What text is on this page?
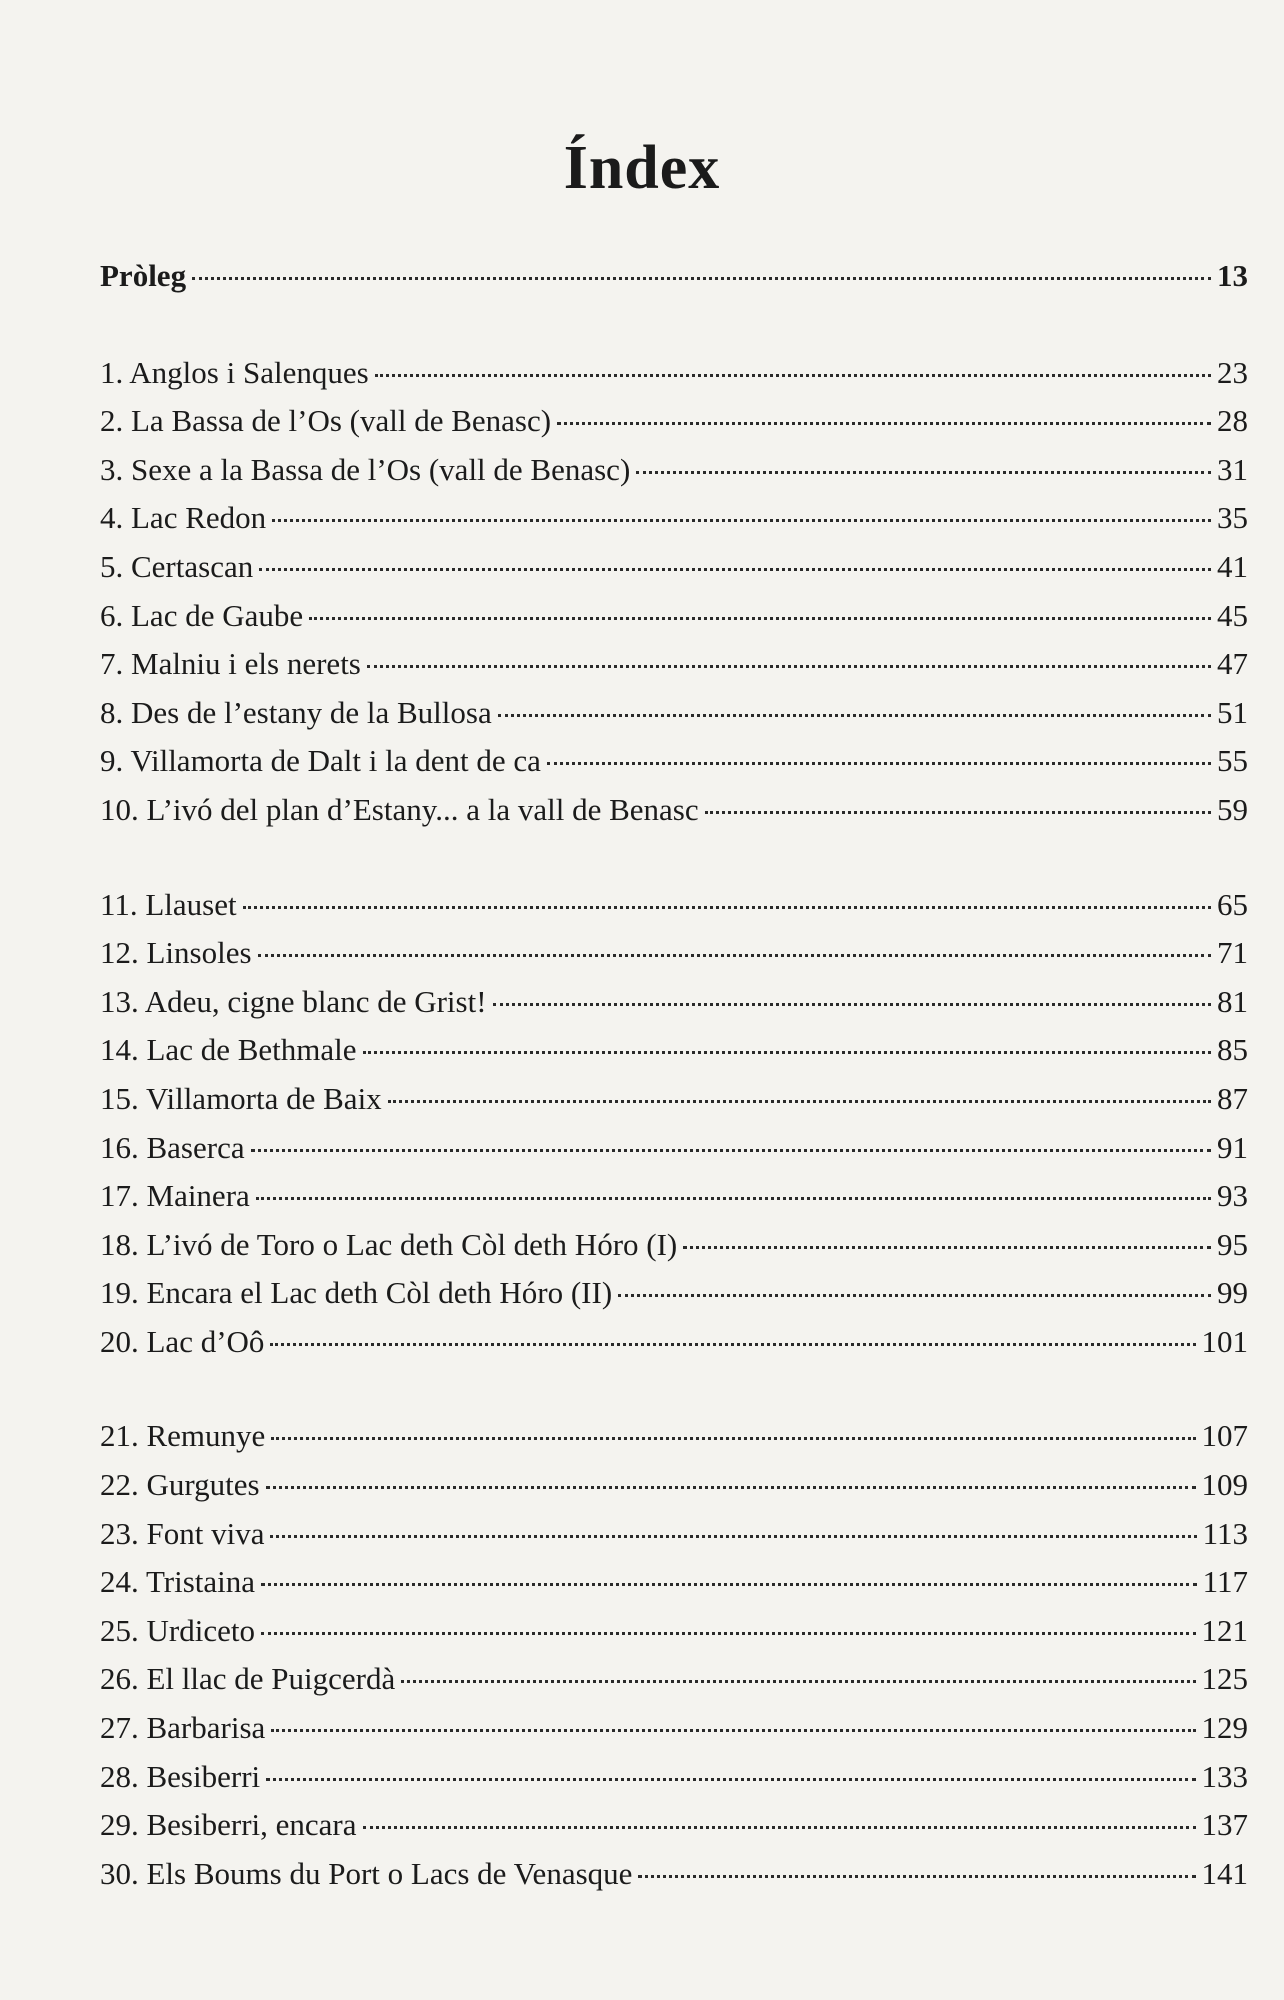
Índex
Pròleg	13
1. Anglos i Salenques	23
2. La Bassa de l’Os (vall de Benasc)	28
3. Sexe a la Bassa de l’Os (vall de Benasc)	31
4. Lac Redon	35
5. Certascan	41
6. Lac de Gaube	45
7. Malniu i els nerets	47
8. Des de l’estany de la Bullosa	51
9. Villamorta de Dalt i la dent de ca	55
10. L’ivó del plan d’Estany... a la vall de Benasc	59
11. Llauset	65
12. Linsoles	71
13. Adeu, cigne blanc de Grist!	81
14. Lac de Bethmale	85
15. Villamorta de Baix	87
16. Baserca	91
17. Mainera	93
18. L’ivó de Toro o Lac deth Còl deth Hóro (I)	95
19. Encara el Lac deth Còl deth Hóro (II)	99
20. Lac d’Oô	101
21. Remunye	107
22. Gurgutes	109
23. Font viva	113
24. Tristaina	117
25. Urdiceto	121
26. El llac de Puigcerdà	125
27. Barbarisa	129
28. Besiberri	133
29. Besiberri, encara	137
30. Els Boums du Port o Lacs de Venasque	141
